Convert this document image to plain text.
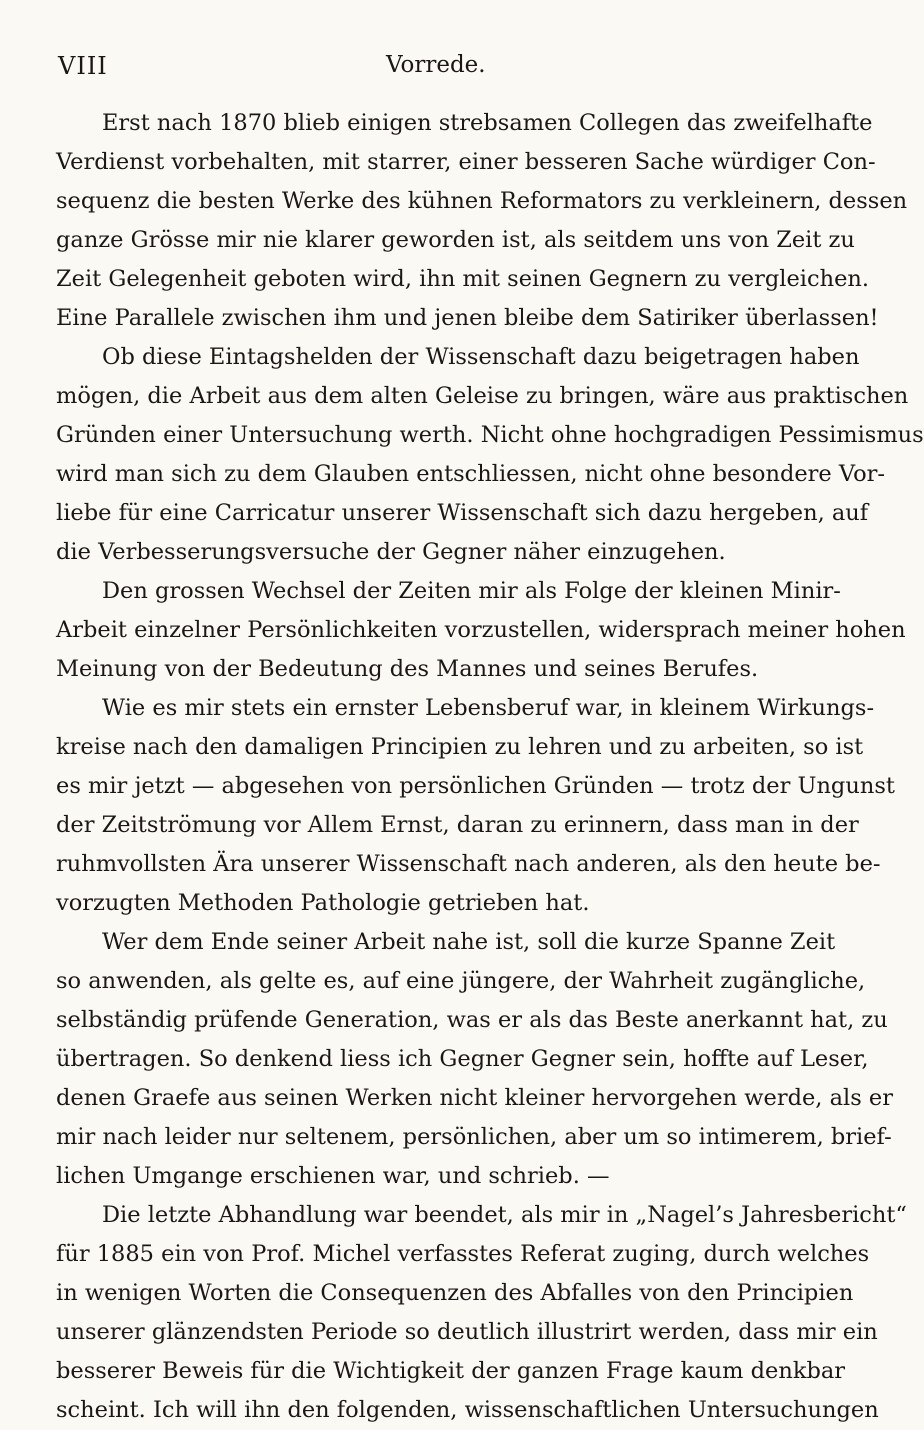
VIII	Vorrede.
Erst nach 1870 blieb einigen strebsamen Collegen das zweifelhafte
Verdienst vorbehalten, mit starrer, einer besseren Sache würdiger Con-
sequenz die besten Werke des kühnen Reformators zu verkleinern, dessen
ganze Grösse mir nie klarer geworden ist, als seitdem uns von Zeit zu
Zeit Gelegenheit geboten wird, ihn mit seinen Gegnern zu vergleichen.
Eine Parallele zwischen ihm und jenen bleibe dem Satiriker überlassen!
Ob diese Eintagshelden der Wissenschaft dazu beigetragen haben
mögen, die Arbeit aus dem alten Geleise zu bringen, wäre aus praktischen
Gründen einer Untersuchung werth. Nicht ohne hochgradigen Pessimismus
wird man sich zu dem Glauben entschliessen, nicht ohne besondere Vor-
liebe für eine Carricatur unserer Wissenschaft sich dazu hergeben, auf
die Verbesserungsversuche der Gegner näher einzugehen.
Den grossen Wechsel der Zeiten mir als Folge der kleinen Minir-
Arbeit einzelner Persönlichkeiten vorzustellen, widersprach meiner hohen
Meinung von der Bedeutung des Mannes und seines Berufes.
Wie es mir stets ein ernster Lebensberuf war, in kleinem Wirkungs-
kreise nach den damaligen Principien zu lehren und zu arbeiten, so ist
es mir jetzt — abgesehen von persönlichen Gründen — trotz der Ungunst
der Zeitströmung vor Allem Ernst, daran zu erinnern, dass man in der
ruhmvollsten Ära unserer Wissenschaft nach anderen, als den heute be-
vorzugten Methoden Pathologie getrieben hat.
Wer dem Ende seiner Arbeit nahe ist, soll die kurze Spanne Zeit
so anwenden, als gelte es, auf eine jüngere, der Wahrheit zugängliche,
selbständig prüfende Generation, was er als das Beste anerkannt hat, zu
übertragen. So denkend liess ich Gegner Gegner sein, hoffte auf Leser,
denen Graefe aus seinen Werken nicht kleiner hervorgehen werde, als er
mir nach leider nur seltenem, persönlichen, aber um so intimerem, brief-
lichen Umgange erschienen war, und schrieb. —
Die letzte Abhandlung war beendet, als mir in „Nagel’s Jahresbericht“
für 1885 ein von Prof. Michel verfasstes Referat zuging, durch welches
in wenigen Worten die Consequenzen des Abfalles von den Principien
unserer glänzendsten Periode so deutlich illustrirt werden, dass mir ein
besserer Beweis für die Wichtigkeit der ganzen Frage kaum denkbar
scheint. Ich will ihn den folgenden, wissenschaftlichen Untersuchungen
